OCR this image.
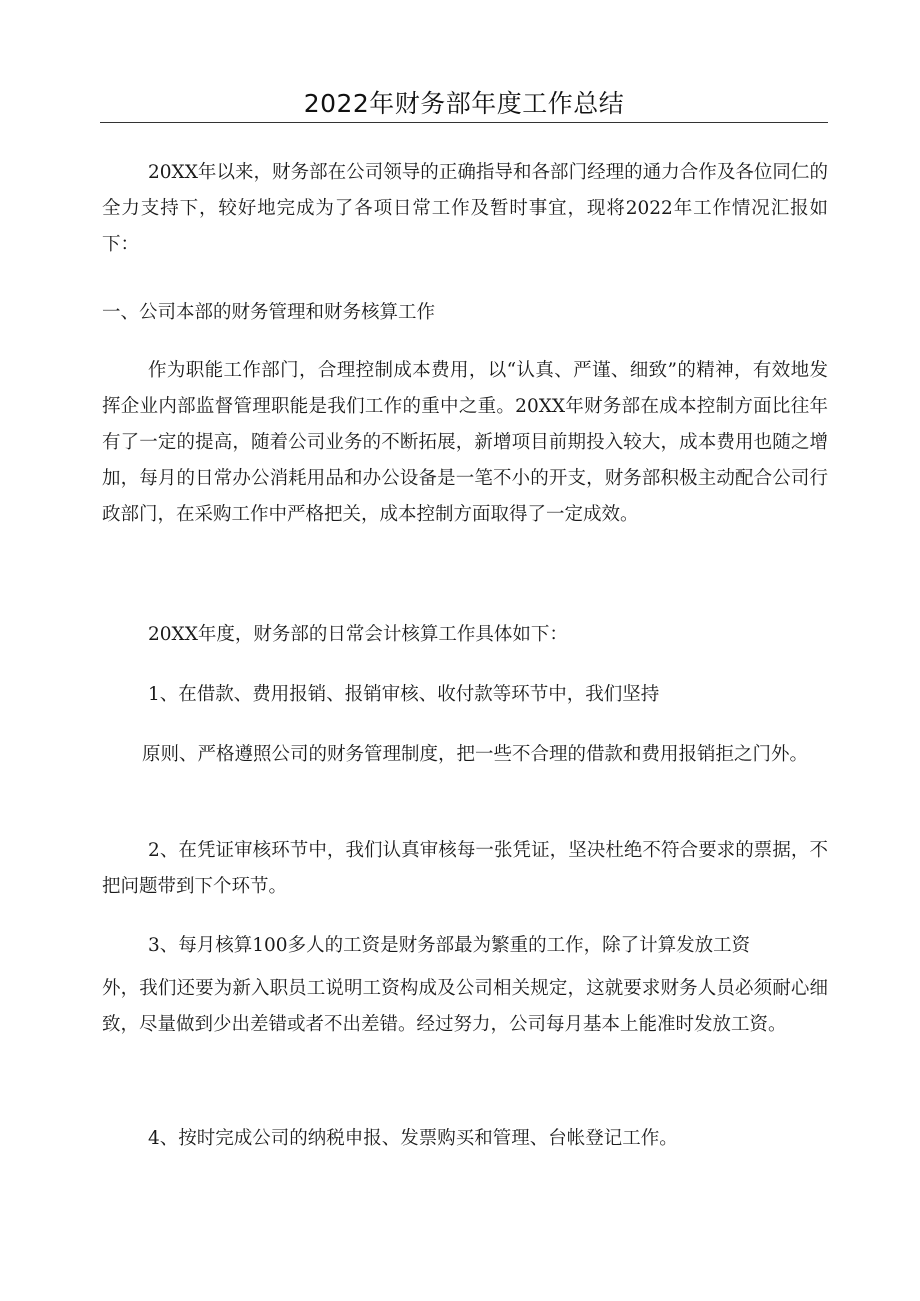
2022年财务部年度工作总结

20XX年以来，财务部在公司领导的正确指导和各部门经理的通力合作及各位同仁的全力支持下，较好地完成为了各项日常工作及暂时事宜，现将2022年工作情况汇报如下：

一、公司本部的财务管理和财务核算工作

作为职能工作部门，合理控制成本费用，以“认真、严谨、细致”的精神，有效地发挥企业内部监督管理职能是我们工作的重中之重。20XX年财务部在成本控制方面比往年有了一定的提高，随着公司业务的不断拓展，新增项目前期投入较大，成本费用也随之增加，每月的日常办公消耗用品和办公设备是一笔不小的开支，财务部积极主动配合公司行政部门，在采购工作中严格把关，成本控制方面取得了一定成效。

20XX年度，财务部的日常会计核算工作具体如下：

1、在借款、费用报销、报销审核、收付款等环节中，我们坚持

原则、严格遵照公司的财务管理制度，把一些不合理的借款和费用报销拒之门外。

2、在凭证审核环节中，我们认真审核每一张凭证，坚决杜绝不符合要求的票据，不把问题带到下个环节。

3、每月核算100多人的工资是财务部最为繁重的工作，除了计算发放工资

外，我们还要为新入职员工说明工资构成及公司相关规定，这就要求财务人员必须耐心细致，尽量做到少出差错或者不出差错。经过努力，公司每月基本上能准时发放工资。

4、按时完成公司的纳税申报、发票购买和管理、台帐登记工作。
